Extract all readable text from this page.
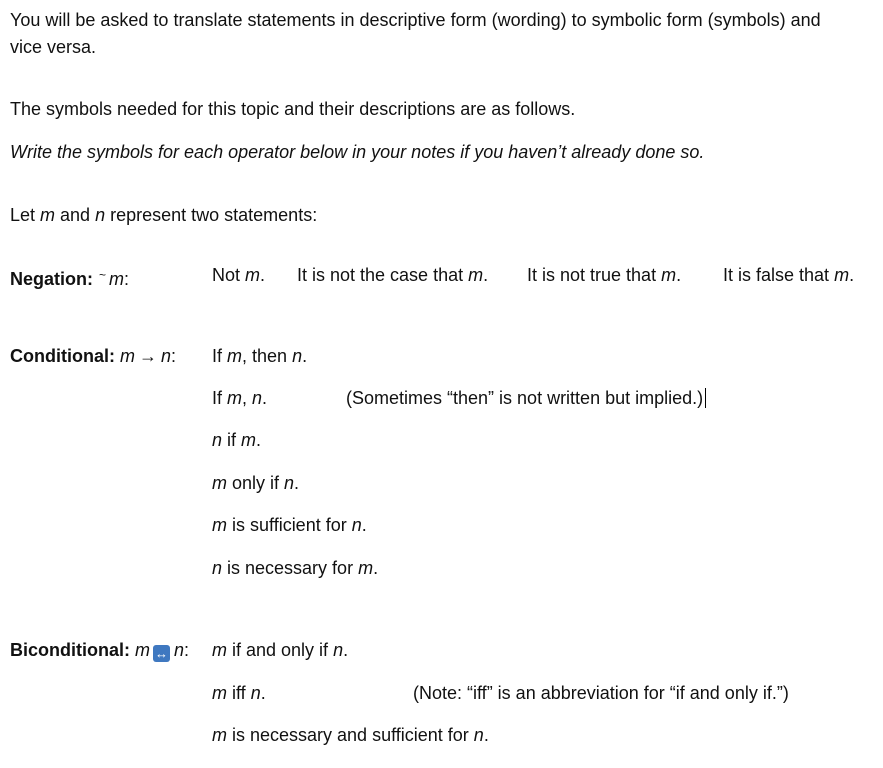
You will be asked to translate statements in descriptive form (wording) to symbolic form (symbols) and
vice versa.
The symbols needed for this topic and their descriptions are as follows.
Write the symbols for each operator below in your notes if you haven’t already done so.
Let m and n represent two statements:
Negation: ~ m:	Not m. It is not the case that m. It is not true that m. It is false that m.
Conditional: m → n: If m, then n.
If m, n.	(Sometimes “then” is not written but implied.)
n if m.
m only if n.
m is sufficient for n.
n is necessary for m.
Biconditional: m ↔ n: m if and only if n.
m iff n.	(Note: “iff” is an abbreviation for “if and only if.”)
m is necessary and sufficient for n.
